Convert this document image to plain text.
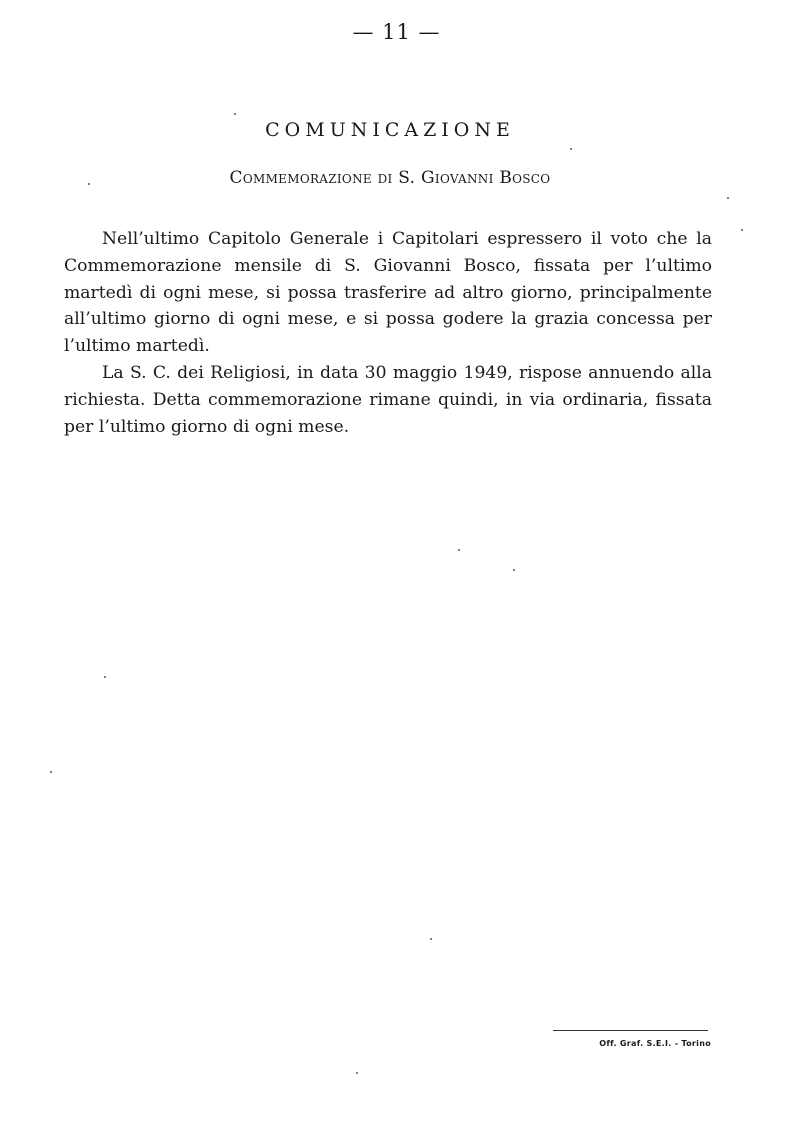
— 11 —
COMUNICAZIONE
Commemorazione di S. Giovanni Bosco

Nell’ultimo Capitolo Generale i Capitolari espressero il voto che la Commemorazione mensile di S. Giovanni Bosco, fissata per l’ultimo martedì di ogni mese, si possa trasferire ad altro giorno, principalmente all’ultimo giorno di ogni mese, e si possa godere la grazia concessa per l’ultimo martedì.

La S. C. dei Religiosi, in data 30 maggio 1949, rispose annuendo alla richiesta. Detta commemorazione rimane quindi, in via ordinaria, fissata per l’ultimo giorno di ogni mese.

Off. Graf. S.E.I. - Torino
